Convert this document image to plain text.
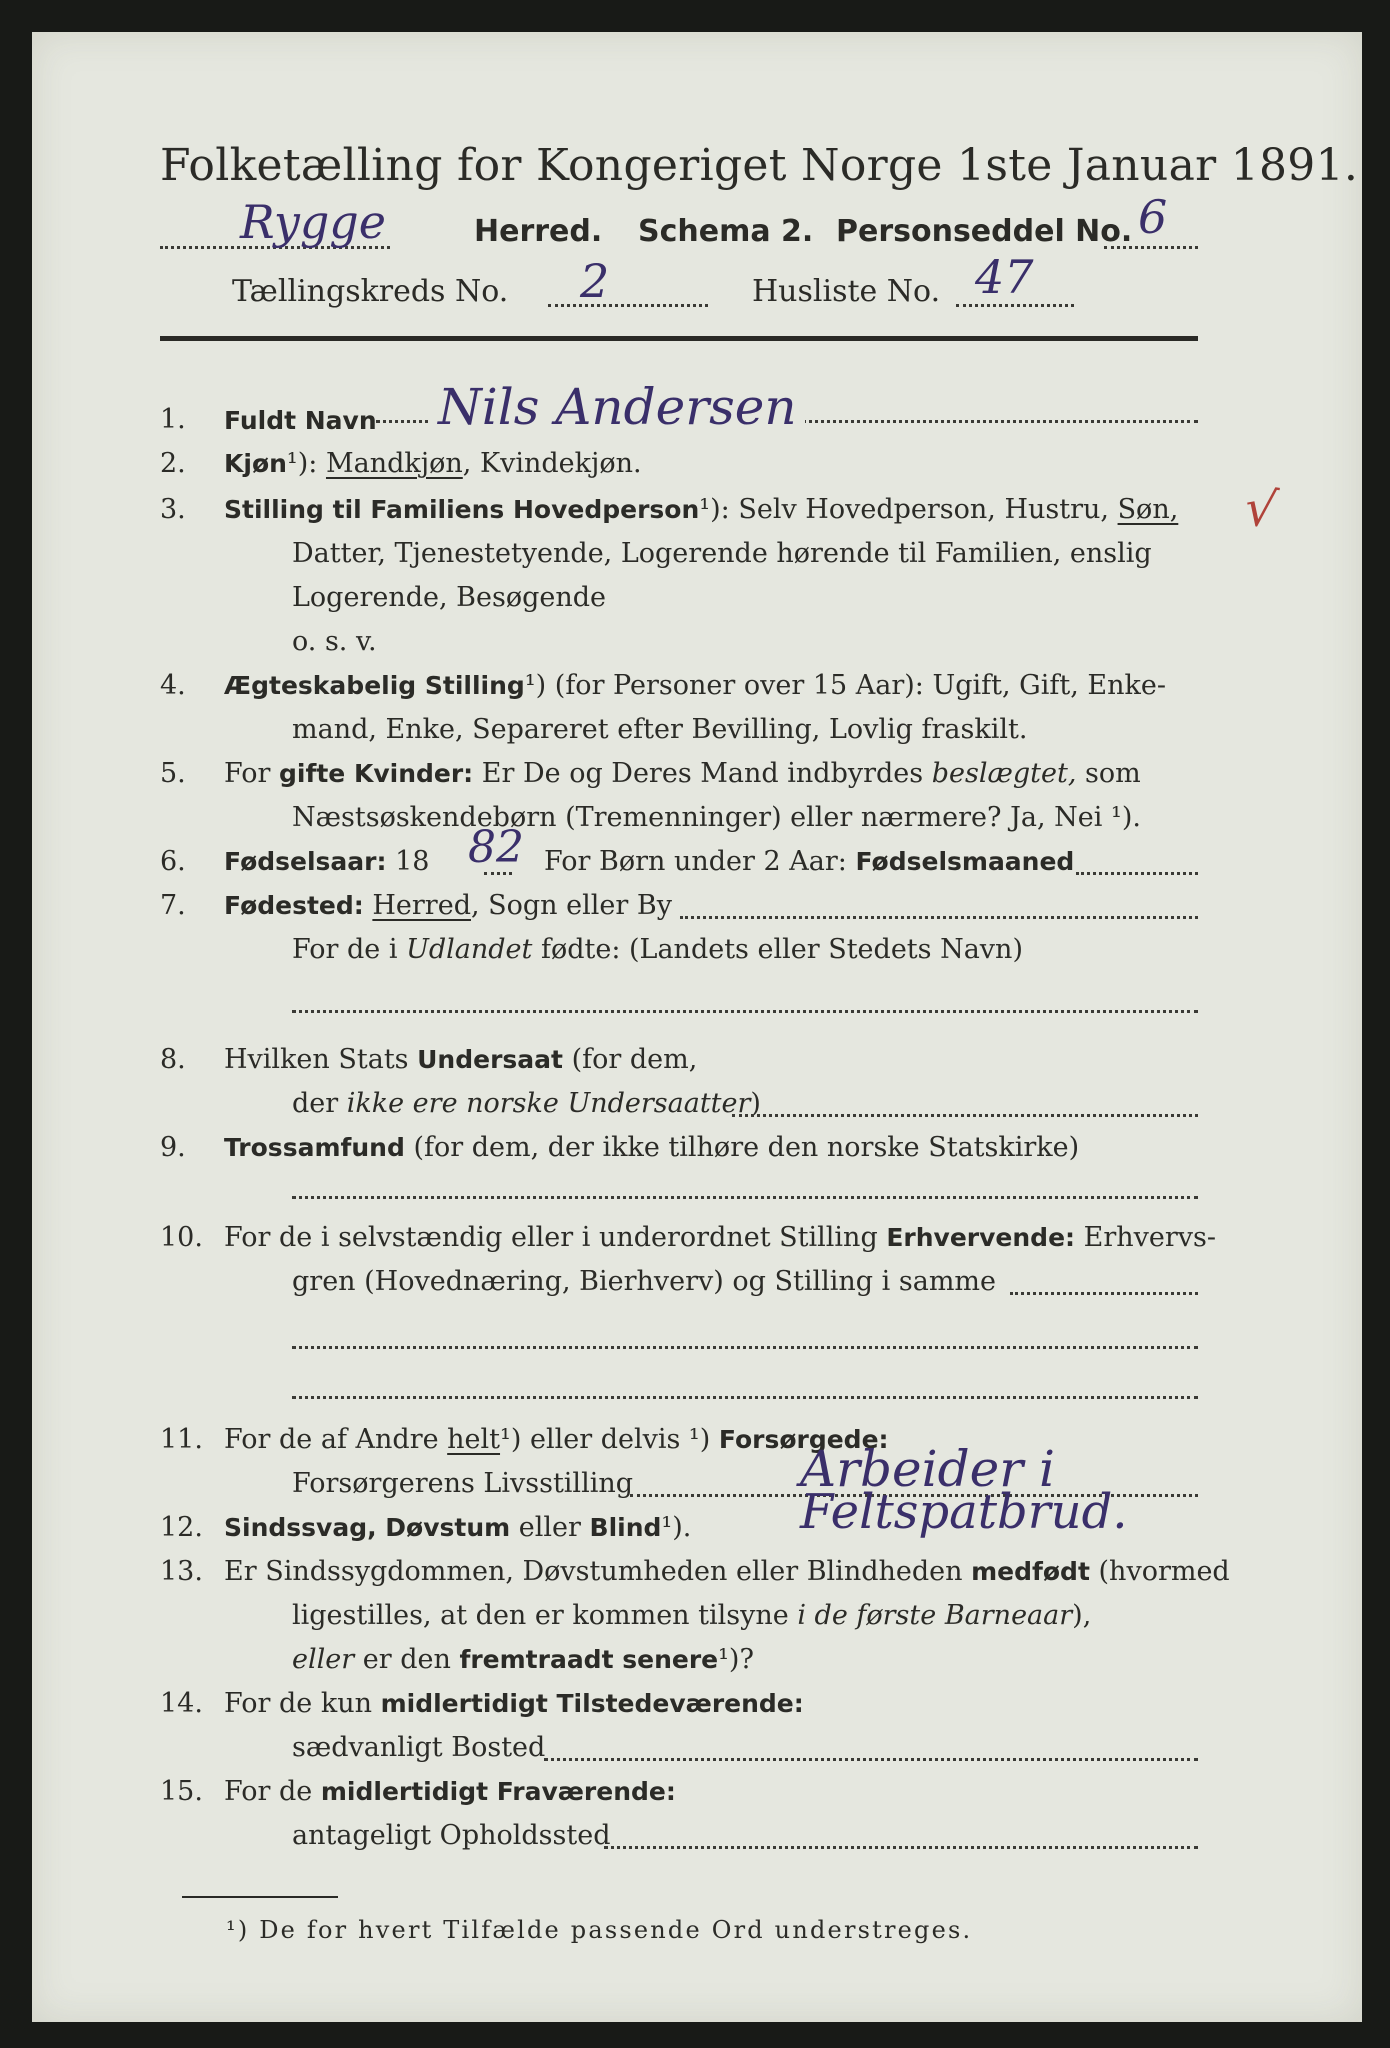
Folketælling for Kongeriget Norge 1ste Januar 1891.
Rygge	Herred. Schema 2. Personseddel No. 6
Tællingskreds No. 2	Husliste No. 47
√
1.	Fuldt Navn Nils Andersen
2.	Kjøn¹): Mandkjøn, Kvindekjøn.
3.	Stilling til Familiens Hovedperson¹): Selv Hovedperson, Hustru, Søn,
Datter, Tjenestetyende, Logerende hørende til Familien, enslig
Logerende, Besøgende
o. s. v.
4.	Ægteskabelig Stilling¹) (for Personer over 15 Aar): Ugift, Gift, Enke-
mand, Enke, Separeret efter Bevilling, Lovlig fraskilt.
5.	For gifte Kvinder: Er De og Deres Mand indbyrdes beslægtet, som
Næstsøskendebørn (Tremenninger) eller nærmere? Ja, Nei ¹).
6.	Fødselsaar: 18 82 For Børn under 2 Aar: Fødselsmaaned
7.	Fødested: Herred, Sogn eller By
For de i Udlandet fødte: (Landets eller Stedets Navn)
8.	Hvilken Stats Undersaat (for dem,
der ikke ere norske Undersaatter)
9.	Trossamfund (for dem, der ikke tilhøre den norske Statskirke)
10. For de i selvstændig eller i underordnet Stilling Erhvervende: Erhvervs-
gren (Hovednæring, Bierhverv) og Stilling i samme
11. For de af Andre helt¹) eller delvis ¹) Forsørgede:
Forsørgerens Livsstilling	Arbeider i
12. Sindssvag, Døvstum eller Blind¹). Feltspatbrud.
13. Er Sindssygdommen, Døvstumheden eller Blindheden medfødt (hvormed
ligestilles, at den er kommen tilsyne i de første Barneaar),
eller er den fremtraadt senere¹)?
14. For de kun midlertidigt Tilstedeværende:
sædvanligt Bosted
15. For de midlertidigt Fraværende:
antageligt Opholdssted
¹) De for hvert Tilfælde passende Ord understreges.
